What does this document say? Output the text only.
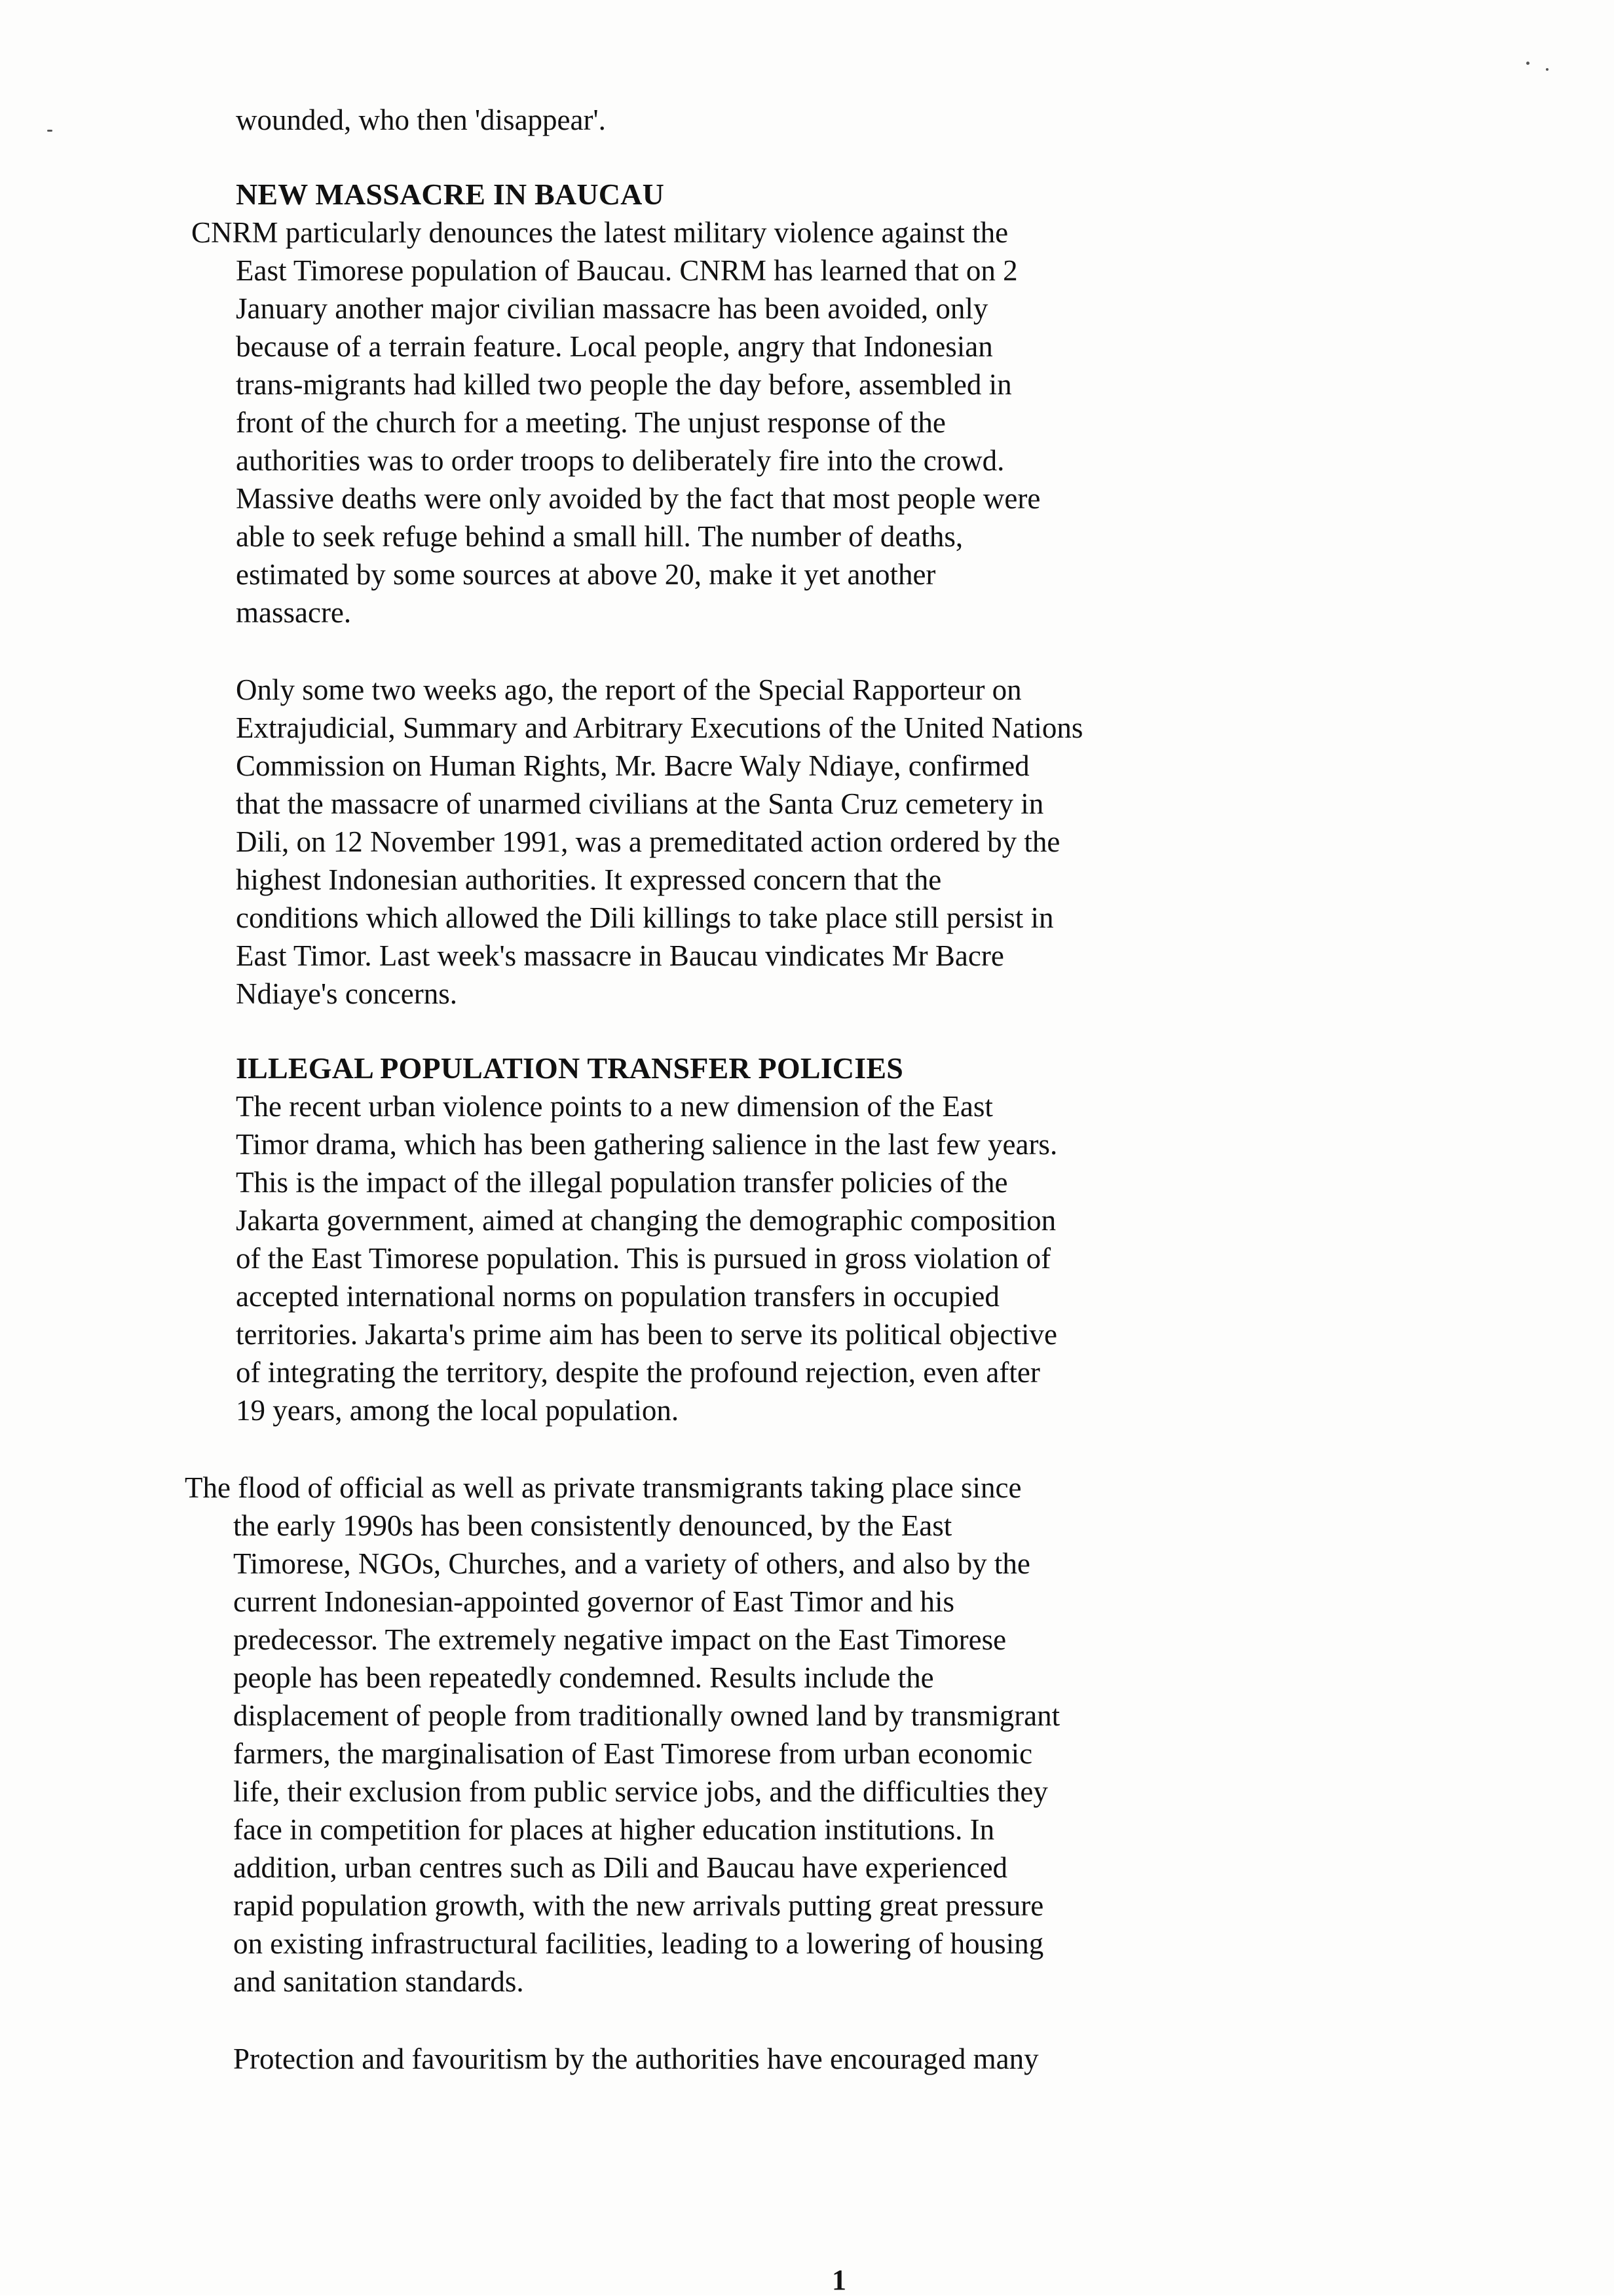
wounded, who then 'disappear'.
NEW MASSACRE IN BAUCAU
CNRM particularly denounces the latest military violence against the
East Timorese population of Baucau. CNRM has learned that on 2
January another major civilian massacre has been avoided, only
because of a terrain feature. Local people, angry that Indonesian
trans-migrants had killed two people the day before, assembled in
front of the church for a meeting. The unjust response of the
authorities was to order troops to deliberately fire into the crowd.
Massive deaths were only avoided by the fact that most people were
able to seek refuge behind a small hill. The number of deaths,
estimated by some sources at above 20, make it yet another
massacre.
Only some two weeks ago, the report of the Special Rapporteur on
Extrajudicial, Summary and Arbitrary Executions of the United Nations
Commission on Human Rights, Mr. Bacre Waly Ndiaye, confirmed
that the massacre of unarmed civilians at the Santa Cruz cemetery in
Dili, on 12 November 1991, was a premeditated action ordered by the
highest Indonesian authorities. It expressed concern that the
conditions which allowed the Dili killings to take place still persist in
East Timor. Last week's massacre in Baucau vindicates Mr Bacre
Ndiaye's concerns.
ILLEGAL POPULATION TRANSFER POLICIES
The recent urban violence points to a new dimension of the East
Timor drama, which has been gathering salience in the last few years.
This is the impact of the illegal population transfer policies of the
Jakarta government, aimed at changing the demographic composition
of the East Timorese population. This is pursued in gross violation of
accepted international norms on population transfers in occupied
territories. Jakarta's prime aim has been to serve its political objective
of integrating the territory, despite the profound rejection, even after
19 years, among the local population.
The flood of official as well as private transmigrants taking place since
the early 1990s has been consistently denounced, by the East
Timorese, NGOs, Churches, and a variety of others, and also by the
current Indonesian-appointed governor of East Timor and his
predecessor. The extremely negative impact on the East Timorese
people has been repeatedly condemned. Results include the
displacement of people from traditionally owned land by transmigrant
farmers, the marginalisation of East Timorese from urban economic
life, their exclusion from public service jobs, and the difficulties they
face in competition for places at higher education institutions. In
addition, urban centres such as Dili and Baucau have experienced
rapid population growth, with the new arrivals putting great pressure
on existing infrastructural facilities, leading to a lowering of housing
and sanitation standards.
Protection and favouritism by the authorities have encouraged many
1
